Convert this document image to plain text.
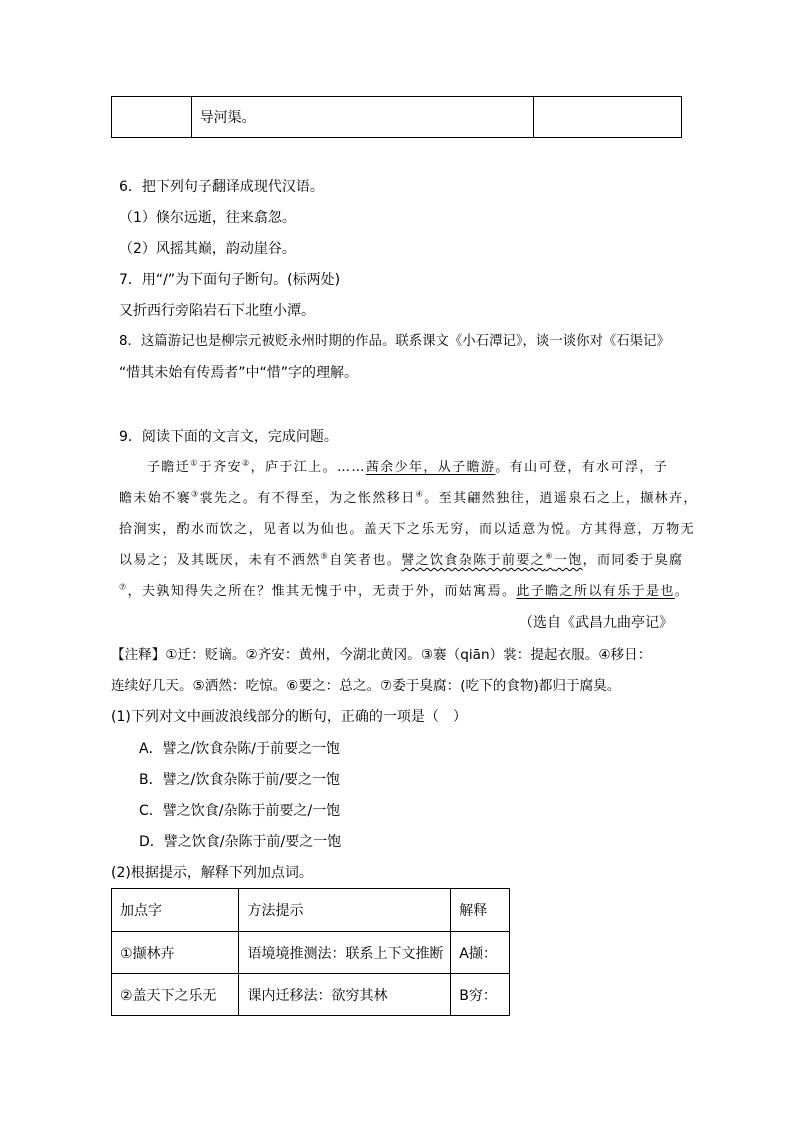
	导河渠。	
6．把下列句子翻译成现代汉语。
（1）倏尔远逝，往来翕忽。
（2）风摇其巅，韵动崖谷。
7．用“/”为下面句子断句。(标两处)
又折西行旁陷岩石下北堕小潭。
8．这篇游记也是柳宗元被贬永州时期的作品。联系课文《小石潭记》，谈一谈你对《石渠记》
“惜其未始有传焉者”中“惜”字的理解。
9．阅读下面的文言文，完成问题。
子瞻迁①于齐安②，庐于江上。……茜余少年，从子瞻游。有山可登，有水可浮，子
瞻未始不褰③裳先之。有不得至，为之怅然移日④。至其翩然独往，逍遥泉石之上，撷林卉，
拾涧实，酌水而饮之，见者以为仙也。盖天下之乐无穷，而以适意为悦。方其得意，万物无
以易之；及其既厌，未有不洒然⑤自笑者也。譬之饮食杂陈于前要之⑥一饱，而同委于臭腐
⑦，夫孰知得失之所在？惟其无愧于中，无责于外，而姑寓焉。此子瞻之所以有乐于是也。
（选自《武昌九曲亭记》
【注释】①迁：贬谪。②齐安：黄州，今湖北黄冈。③褰（qiān）裳：提起衣服。④移日：
连续好几天。⑤洒然：吃惊。⑥要之：总之。⑦委于臭腐：(吃下的食物)都归于腐臭。
(1)下列对文中画波浪线部分的断句，正确的一项是（　）
A．譬之/饮食杂陈/于前要之一饱
B．譬之/饮食杂陈于前/要之一饱
C．譬之饮食/杂陈于前要之/一饱
D．譬之饮食/杂陈于前/要之一饱
(2)根据提示，解释下列加点词。
加点字	方法提示	解释
①撷林卉	语境境推测法：联系上下文推断	A撷：
②盖天下之乐无	课内迁移法：欲穷其林	B穷：
